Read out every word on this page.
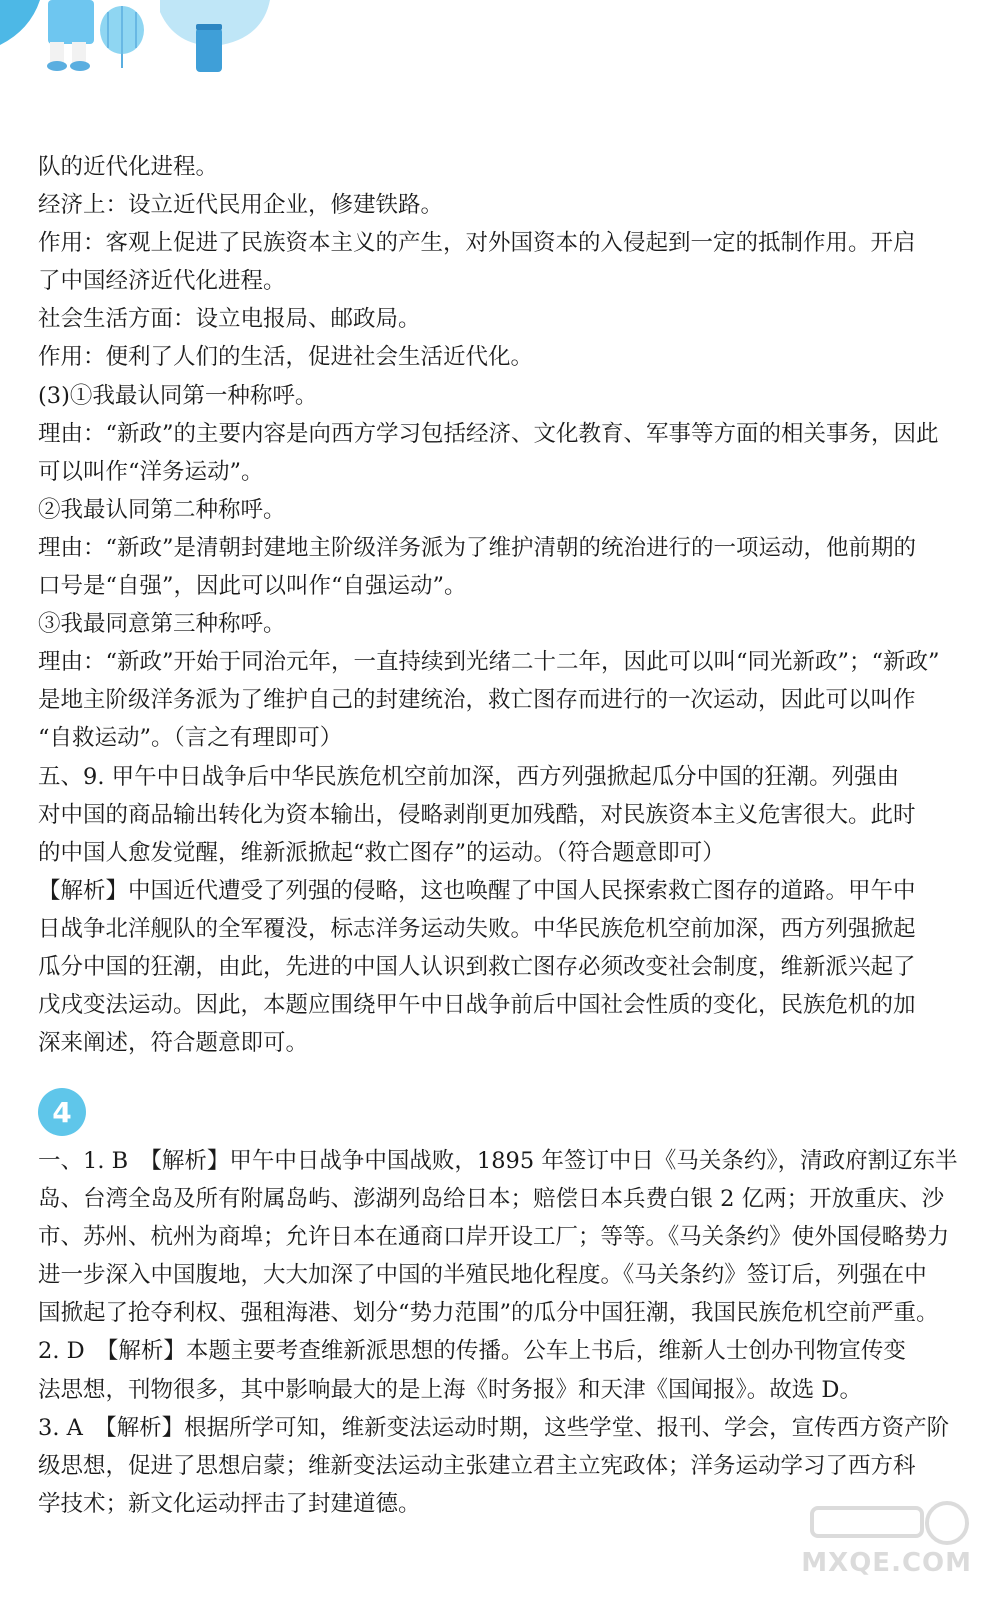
队的近代化进程。

经济上：设立近代民用企业，修建铁路。

作用：客观上促进了民族资本主义的产生，对外国资本的入侵起到一定的抵制作用。开启

了中国经济近代化进程。

社会生活方面：设立电报局、邮政局。

作用：便利了人们的生活，促进社会生活近代化。

(3)①我最认同第一种称呼。

理由：“新政”的主要内容是向西方学习包括经济、文化教育、军事等方面的相关事务，因此

可以叫作“洋务运动”。

②我最认同第二种称呼。

理由：“新政”是清朝封建地主阶级洋务派为了维护清朝的统治进行的一项运动，他前期的

口号是“自强”，因此可以叫作“自强运动”。

③我最同意第三种称呼。

理由：“新政”开始于同治元年，一直持续到光绪二十二年，因此可以叫“同光新政”；“新政”

是地主阶级洋务派为了维护自己的封建统治，救亡图存而进行的一次运动，因此可以叫作

“自救运动”。（言之有理即可）

五、9. 甲午中日战争后中华民族危机空前加深，西方列强掀起瓜分中国的狂潮。列强由

对中国的商品输出转化为资本输出，侵略剥削更加残酷，对民族资本主义危害很大。此时

的中国人愈发觉醒，维新派掀起“救亡图存”的运动。（符合题意即可）

【解析】中国近代遭受了列强的侵略，这也唤醒了中国人民探索救亡图存的道路。甲午中

日战争北洋舰队的全军覆没，标志洋务运动失败。中华民族危机空前加深，西方列强掀起

瓜分中国的狂潮，由此，先进的中国人认识到救亡图存必须改变社会制度，维新派兴起了

戊戌变法运动。因此，本题应围绕甲午中日战争前后中国社会性质的变化，民族危机的加

深来阐述，符合题意即可。

4

一、1. B　【解析】甲午中日战争中国战败，1895 年签订中日《马关条约》，清政府割辽东半

岛、台湾全岛及所有附属岛屿、澎湖列岛给日本；赔偿日本兵费白银 2 亿两；开放重庆、沙

市、苏州、杭州为商埠；允许日本在通商口岸开设工厂；等等。《马关条约》使外国侵略势力

进一步深入中国腹地，大大加深了中国的半殖民地化程度。《马关条约》签订后，列强在中

国掀起了抢夺利权、强租海港、划分“势力范围”的瓜分中国狂潮，我国民族危机空前严重。

2. D　【解析】本题主要考查维新派思想的传播。公车上书后，维新人士创办刊物宣传变

法思想，刊物很多，其中影响最大的是上海《时务报》和天津《国闻报》。故选 D。

3. A　【解析】根据所学可知，维新变法运动时期，这些学堂、报刊、学会，宣传西方资产阶

级思想，促进了思想启蒙；维新变法运动主张建立君主立宪政体；洋务运动学习了西方科

学技术；新文化运动抨击了封建道德。

MXQE.COM
